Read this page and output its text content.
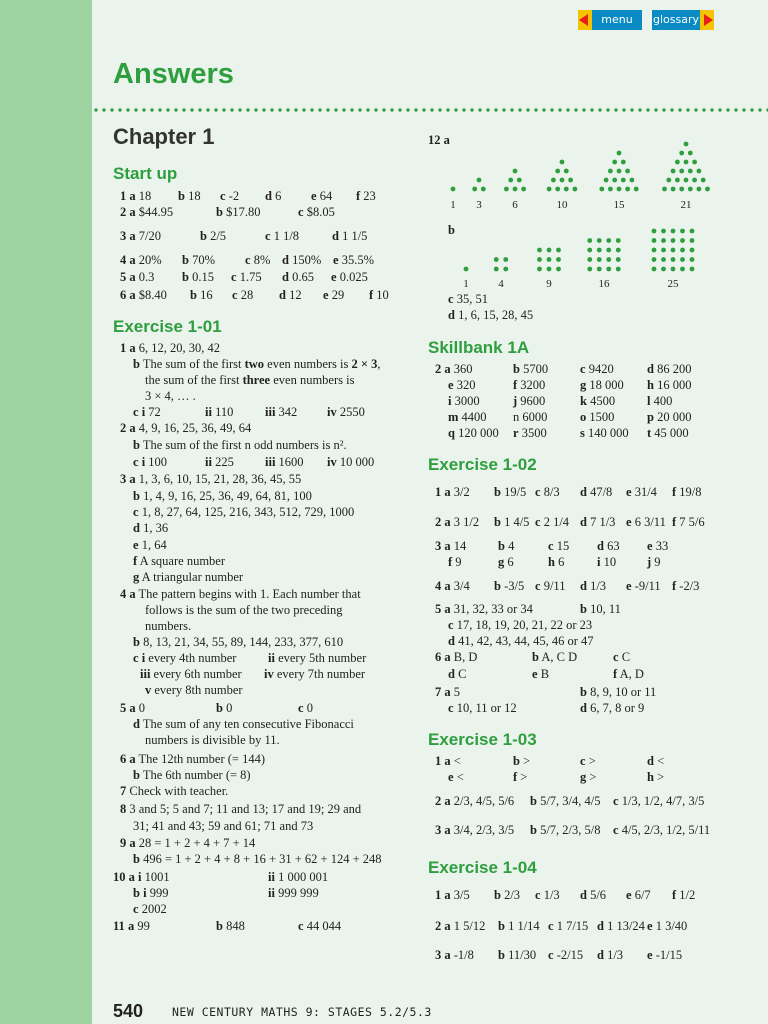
menu	glossary
Answers
Chapter 1
Start up
Exercise 1-01
12 a
b
Skillbank 1A
Exercise 1-02
Exercise 1-03
Exercise 1-04
1 3	6	10	15	21
1	4	9	16	25
1 a 18 b 18 c -2 d 6 e 64 f 23
2 a $44.95	b $17.80	c $8.05
3 a 7/20	b 2/5	c 1 1/8	d 1 1/5
4 a 20% b 70% c 8% d 150% e 35.5%
5 a 0.3 b 0.15 c 1.75 d 0.65 e 0.025
6 a $8.40 b 16 c 28 d 12 e 29 f 10
1 a 6, 12, 20, 30, 42
b The sum of the first two even numbers is 2 × 3,
the sum of the first three even numbers is
3 × 4, … .
c i 72	ii 110	iii 342 iv 2550
2 a 4, 9, 16, 25, 36, 49, 64
b The sum of the first n odd numbers is n².
c i 100	ii 225 iii 1600 iv 10 000
3 a 1, 3, 6, 10, 15, 21, 28, 36, 45, 55
b 1, 4, 9, 16, 25, 36, 49, 64, 81, 100
c 1, 8, 27, 64, 125, 216, 343, 512, 729, 1000
d 1, 36
e 1, 64
f A square number
g A triangular number
4 a The pattern begins with 1. Each number that
follows is the sum of the two preceding
numbers.
b 8, 13, 21, 34, 55, 89, 144, 233, 377, 610
c i every 4th number	ii every 5th number
iii every 6th number iv every 7th number
v every 8th number
5 a 0	b 0	c 0
d The sum of any ten consecutive Fibonacci
numbers is divisible by 11.
6 a The 12th number (= 144)
b The 6th number (= 8)
7 Check with teacher.
8 3 and 5; 5 and 7; 11 and 13; 17 and 19; 29 and
31; 41 and 43; 59 and 61; 71 and 73
9 a 28 = 1 + 2 + 4 + 7 + 14
b 496 = 1 + 2 + 4 + 8 + 16 + 31 + 62 + 124 + 248
10 a i 1001	ii 1 000 001
b i 999	ii 999 999
c 2002
11 a 99	b 848	c 44 044
c 35, 51
d 1, 6, 15, 28, 45
2 a 360	b 5700	c 9420	d 86 200
e 320	f 3200	g 18 000 h 16 000
i 3000	j 9600	k 4500	l 400
m 4400 n 6000	o 1500	p 20 000
q 120 000 r 3500	s 140 000 t 45 000
1 a 3/2 b 19/5 c 8/3 d 47/8 e 31/4 f 19/8
2 a 3 1/2 b 1 4/5 c 2 1/4 d 7 1/3 e 6 3/11 f 7 5/6
3 a 14	b 4	c 15 d 63 e 33
f 9	g 6	h 6	i 10 j 9
4 a 3/4 b -3/5 c 9/11 d 1/3 e -9/11 f -2/3
5 a 31, 32, 33 or 34	b 10, 11
c 17, 18, 19, 20, 21, 22 or 23
d 41, 42, 43, 44, 45, 46 or 47
6 a B, D	b A, C D	c C
d C	e B	f A, D
7 a 5	b 8, 9, 10 or 11
c 10, 11 or 12	d 6, 7, 8 or 9
1 a <	b >	c >	d <
e <	f >	g >	h >
2 a 2/3, 4/5, 5/6 b 5/7, 3/4, 4/5 c 1/3, 1/2, 4/7, 3/5
3 a 3/4, 2/3, 3/5 b 5/7, 2/3, 5/8 c 4/5, 2/3, 1/2, 5/11
1 a 3/5 b 2/3 c 1/3 d 5/6 e 6/7 f 1/2
2 a 1 5/12 b 1 1/14 c 1 7/15 d 1 13/24 e 1 3/40
3 a -1/8 b 11/30 c -2/15 d 1/3 e -1/15
540	NEW CENTURY MATHS 9: STAGES 5.2/5.3
